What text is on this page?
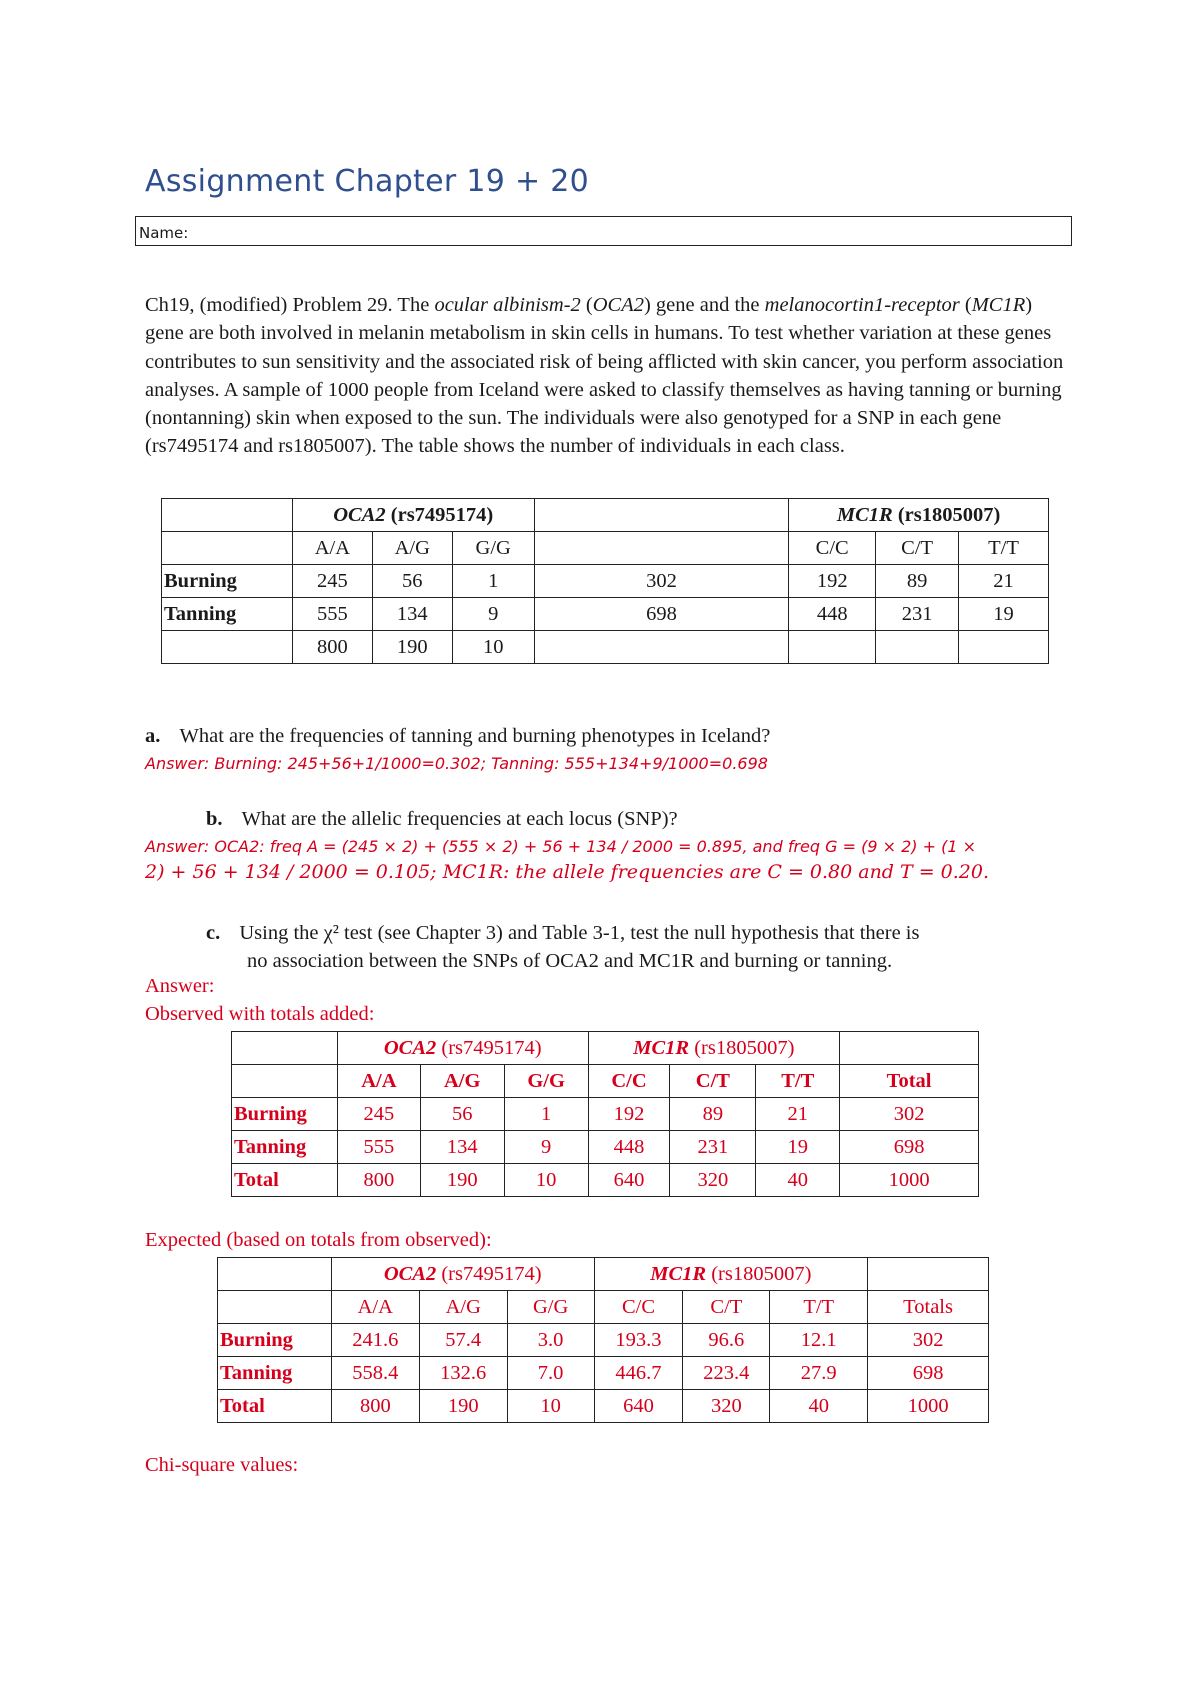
Assignment Chapter 19 + 20
Name:
Ch19, (modified) Problem 29. The ocular albinism-2 (OCA2) gene and the melanocortin1-receptor (MC1R) gene are both involved in melanin metabolism in skin cells in humans. To test whether variation at these genes contributes to sun sensitivity and the associated risk of being afflicted with skin cancer, you perform association analyses. A sample of 1000 people from Iceland were asked to classify themselves as having tanning or burning (nontanning) skin when exposed to the sun. The individuals were also genotyped for a SNP in each gene (rs7495174 and rs1805007). The table shows the number of individuals in each class.
	OCA2 (rs7495174)				MC1R (rs1805007)		
	A/A	A/G	G/G		C/C	C/T	T/T
Burning	245	56	1	302	192	89	21
Tanning	555	134	9	698	448	231	19
	800	190	10				
a. What are the frequencies of tanning and burning phenotypes in Iceland?
Answer: Burning: 245+56+1/1000=0.302; Tanning: 555+134+9/1000=0.698
b. What are the allelic frequencies at each locus (SNP)?
Answer: OCA2: freq A = (245 × 2) + (555 × 2) + 56 + 134 / 2000 = 0.895, and freq G = (9 × 2) + (1 ×
2) + 56 + 134 / 2000 = 0.105; MC1R: the allele frequencies are C = 0.80 and T = 0.20.
c. Using the χ² test (see Chapter 3) and Table 3-1, test the null hypothesis that there is
no association between the SNPs of OCA2 and MC1R and burning or tanning.
Answer:
Observed with totals added:
	OCA2 (rs7495174)			MC1R (rs1805007)			
	A/A	A/G	G/G	C/C	C/T	T/T	Total
Burning	245	56	1	192	89	21	302
Tanning	555	134	9	448	231	19	698
Total	800	190	10	640	320	40	1000
Expected (based on totals from observed):
	OCA2 (rs7495174)			MC1R (rs1805007)			
	A/A	A/G	G/G	C/C	C/T	T/T	Totals
Burning	241.6	57.4	3.0	193.3	96.6	12.1	302
Tanning	558.4	132.6	7.0	446.7	223.4	27.9	698
Total	800	190	10	640	320	40	1000
Chi-square values:
